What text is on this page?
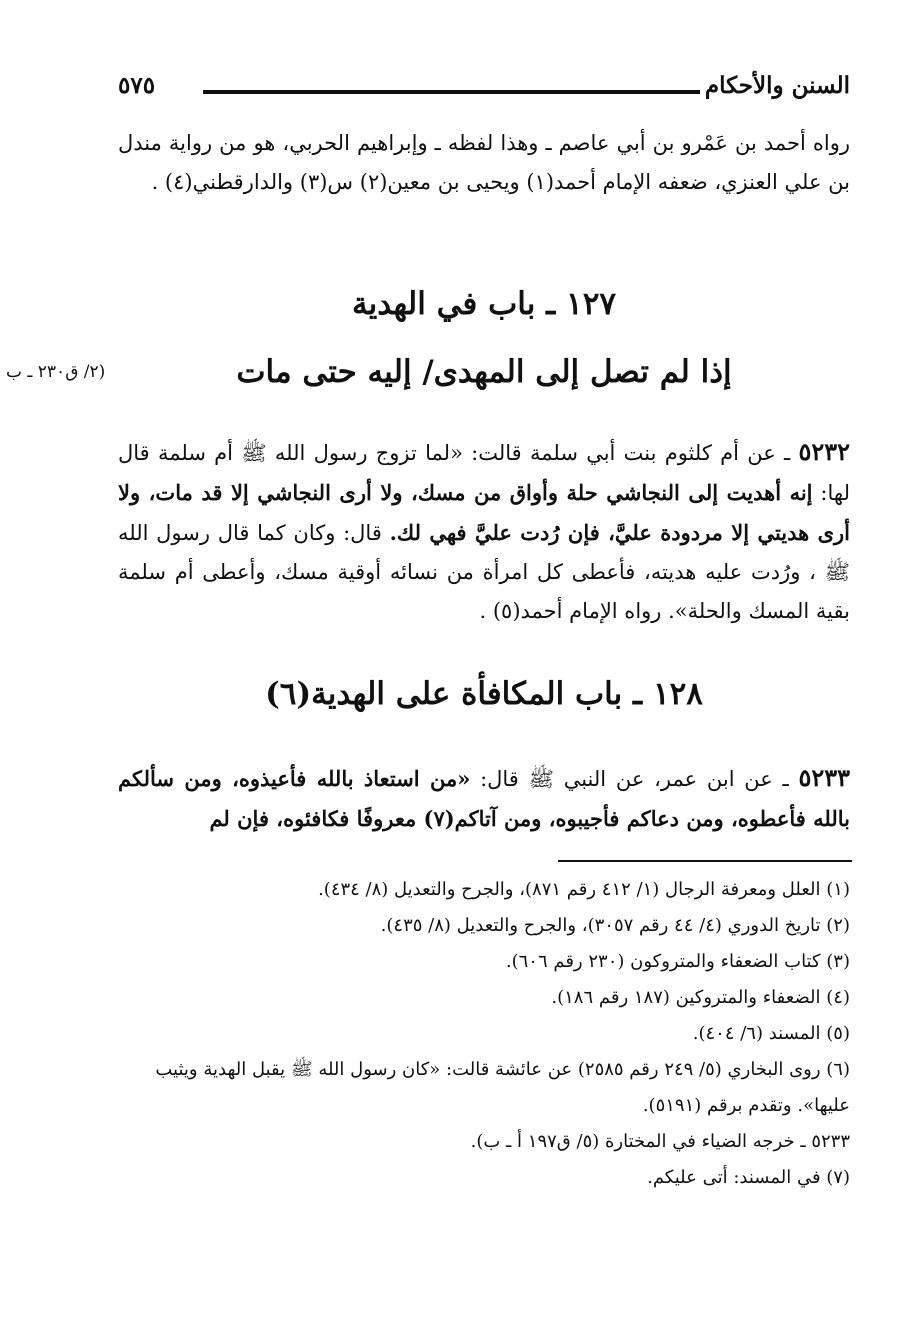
السنن والأحكام
٥٧٥
رواه أحمد بن عَمْرو بن أبي عاصم ـ وهذا لفظه ـ وإبراهيم الحربي، هو من رواية مندل بن علي العنزي، ضعفه الإمام أحمد(١) ويحيى بن معين(٢) س(٣) والدارقطني(٤) .
١٢٧ ـ باب في الهدية
إذا لم تصل إلى المهدى/ إليه حتى مات
(٢/ ق٢٣٠ ـ ب
٥٢٣٢ ـ عن أم كلثوم بنت أبي سلمة قالت: «لما تزوج رسول الله ﷺ أم سلمة قال لها: إنه أهديت إلى النجاشي حلة وأواق من مسك، ولا أرى النجاشي إلا قد مات، ولا أرى هديتي إلا مردودة عليَّ، فإن رُدت عليَّ فهي لك. قال: وكان كما قال رسول الله ﷺ ، ورُدت عليه هديته، فأعطى كل امرأة من نسائه أوقية مسك، وأعطى أم سلمة بقية المسك والحلة». رواه الإمام أحمد(٥) .
١٢٨ ـ باب المكافأة على الهدية(٦)
٥٢٣٣ ـ عن ابن عمر، عن النبي ﷺ قال: «من استعاذ بالله فأعيذوه، ومن سألكم بالله فأعطوه، ومن دعاكم فأجيبوه، ومن آتاكم(٧) معروفًا فكافئوه، فإن لم

(١) العلل ومعرفة الرجال (١/ ٤١٢ رقم ٨٧١)، والجرح والتعديل (٨/ ٤٣٤).

(٢) تاريخ الدوري (٤/ ٤٤ رقم ٣٠٥٧)، والجرح والتعديل (٨/ ٤٣٥).

(٣) كتاب الضعفاء والمتروكون (٢٣٠ رقم ٦٠٦).

(٤) الضعفاء والمتروكين (١٨٧ رقم ١٨٦).

(٥) المسند (٦/ ٤٠٤).

(٦) روى البخاري (٥/ ٢٤٩ رقم ٢٥٨٥) عن عائشة قالت: «كان رسول الله ﷺ يقبل الهدية ويثيب عليها». وتقدم برقم (٥١٩١).

٥٢٣٣ ـ خرجه الضياء في المختارة (٥/ ق١٩٧ أ ـ ب).

(٧) في المسند: أتى عليكم.
